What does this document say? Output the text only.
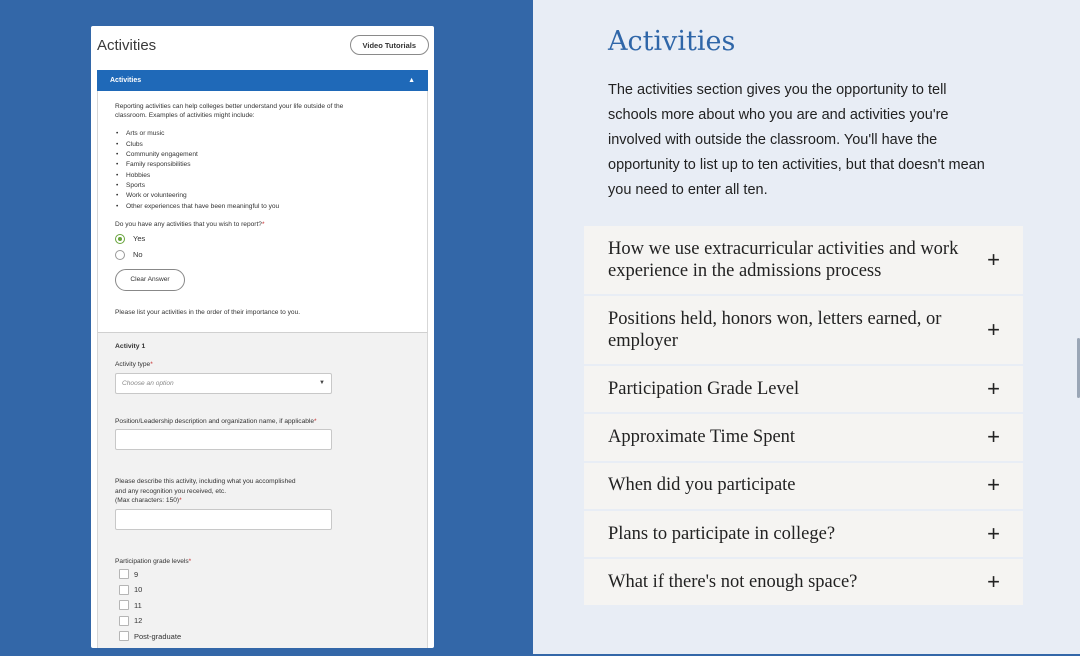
Activities	Video Tutorials
Activities	▲
Reporting activities can help colleges better understand your life outside of the classroom. Examples of activities might include:
• Arts or music
• Clubs
• Community engagement
• Family responsibilities
• Hobbies
• Sports
• Work or volunteering
• Other experiences that have been meaningful to you
Do you have any activities that you wish to report?*
Yes
No
Clear Answer
Please list your activities in the order of their importance to you.
Activity 1
Activity type*
Choose an option	▼
Position/Leadership description and organization name, if applicable*
Please describe this activity, including what you accomplished
and any recognition you received, etc.
(Max characters: 150)*
Participation grade levels*
9
10
11
12
Post-graduate
Activities

The activities section gives you the opportunity to tell schools more about who you are and activities you're involved with outside the classroom. You'll have the opportunity to list up to ten activities, but that doesn't mean you need to enter all ten.

How we use extracurricular activities and work experience in the admissions process	+
Positions held, honors won, letters earned, or employer	+
Participation Grade Level	+
Approximate Time Spent	+
When did you participate	+
Plans to participate in college?	+
What if there's not enough space?	+
